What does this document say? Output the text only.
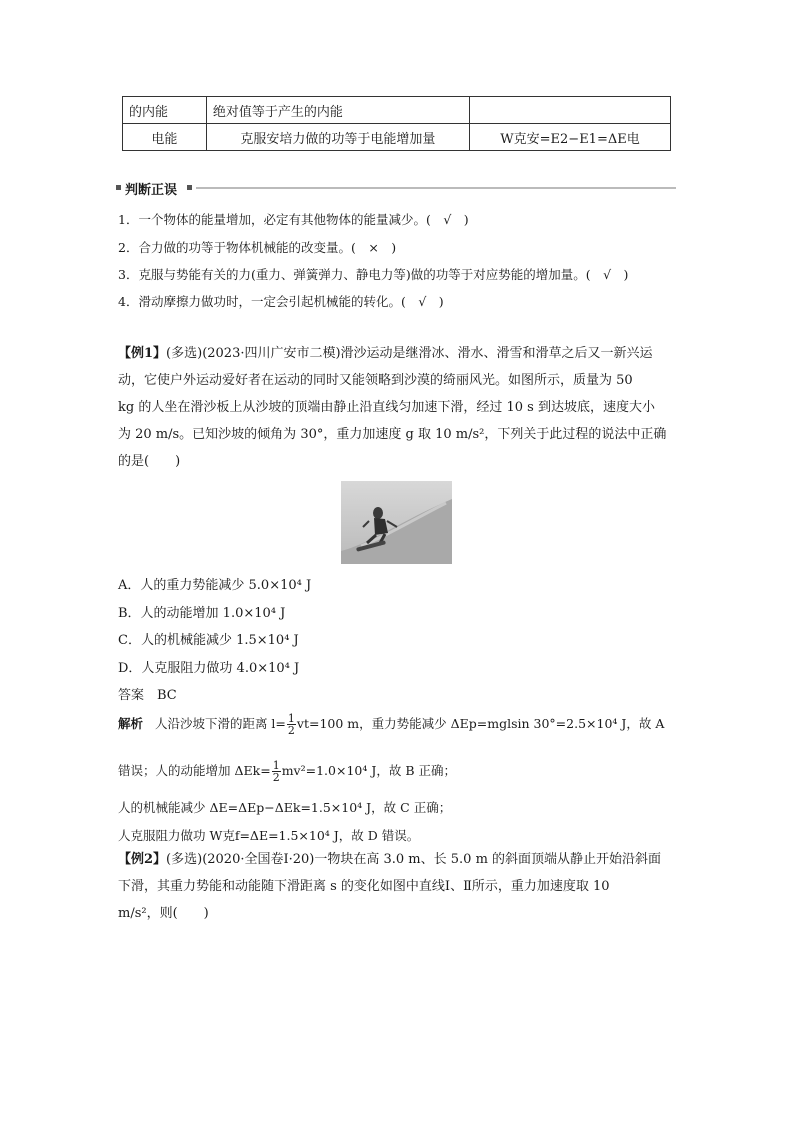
的内能	绝对值等于产生的内能	
电能	克服安培力做的功等于电能增加量	W克安=E2−E1=ΔE电
判断正误
1．一个物体的能量增加，必定有其他物体的能量减少。(　√　)
2．合力做的功等于物体机械能的改变量。(　×　)
3．克服与势能有关的力(重力、弹簧弹力、静电力等)做的功等于对应势能的增加量。(　√　)
4．滑动摩擦力做功时，一定会引起机械能的转化。(　√　)
【例1】(多选)(2023·四川广安市二模)滑沙运动是继滑冰、滑水、滑雪和滑草之后又一新兴运
动，它使户外运动爱好者在运动的同时又能领略到沙漠的绮丽风光。如图所示，质量为 50
kg 的人坐在滑沙板上从沙坡的顶端由静止沿直线匀加速下滑，经过 10 s 到达坡底，速度大小
为 20 m/s。已知沙坡的倾角为 30°，重力加速度 g 取 10 m/s²，下列关于此过程的说法中正确
的是(　　)
A．人的重力势能减少 5.0×10⁴ J
B．人的动能增加 1.0×10⁴ J
C．人的机械能减少 1.5×10⁴ J
D．人克服阻力做功 4.0×10⁴ J
答案　BC
解析 人沿沙坡下滑的距离 $l= \frac{1}{2} vt=100$ m，重力势能减少 ΔEp=mglsin 30°=2.5×10⁴ J，故 A
错误；人的动能增加 $\Delta Ek= \frac{1}{2} mv^2=1.0\times 10^4$ J，故 B 正确；
人的机械能减少 ΔE=ΔEp−ΔEk=1.5×10⁴ J，故 C 正确；
人克服阻力做功 W克f=ΔE=1.5×10⁴ J，故 D 错误。
【例2】(多选)(2020·全国卷Ⅰ·20)一物块在高 3.0 m、长 5.0 m 的斜面顶端从静止开始沿斜面
下滑，其重力势能和动能随下滑距离 s 的变化如图中直线Ⅰ、Ⅱ所示，重力加速度取 10
m/s²，则(　　)
